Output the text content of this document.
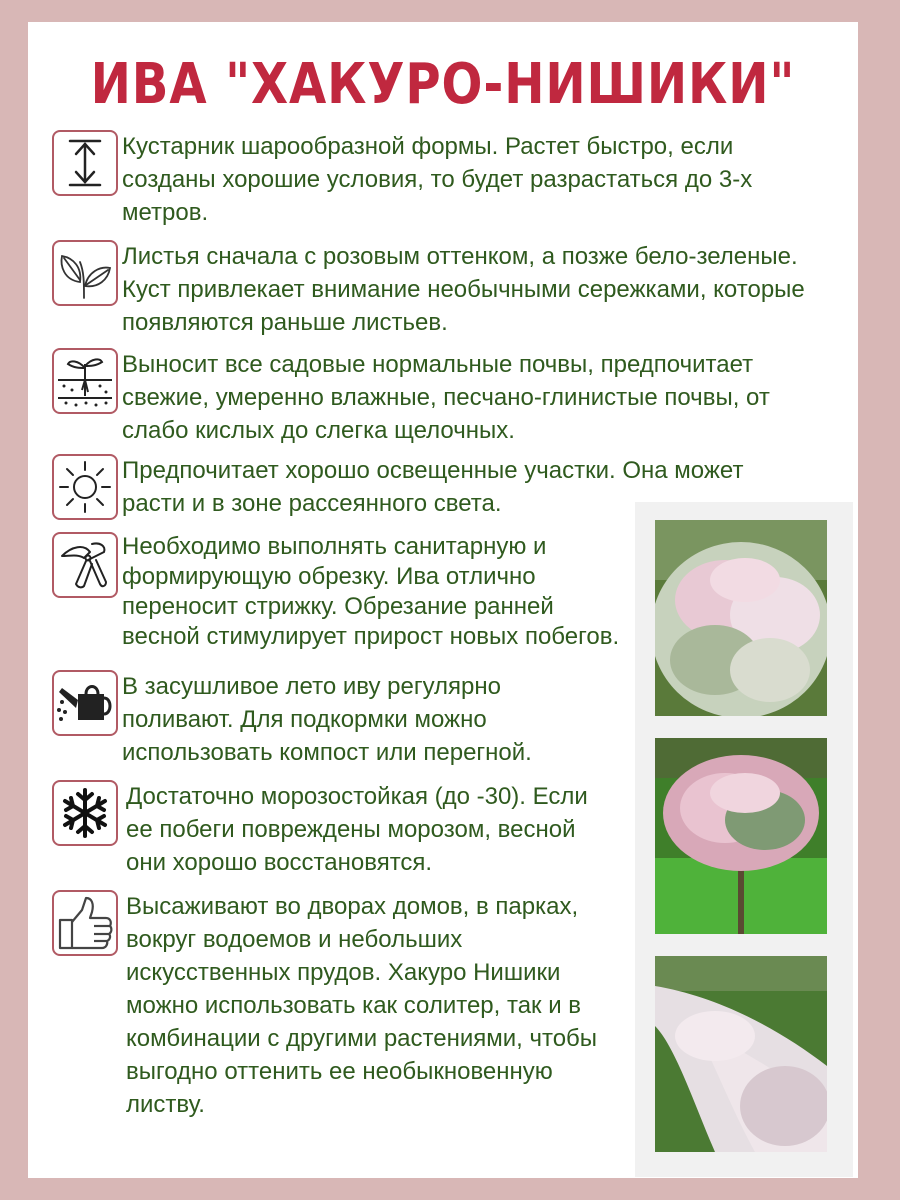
ИВА "ХАКУРО-НИШИКИ"

Кустарник шарообразной формы. Растет быстро, если
созданы хорошие условия, то будет разрастаться до 3-х
метров.

Листья сначала с розовым оттенком, а позже бело-зеленые.
Куст привлекает внимание необычными сережками, которые
появляются раньше листьев.

Выносит все садовые нормальные почвы, предпочитает
свежие, умеренно влажные, песчано-глинистые почвы, от
слабо кислых до слегка щелочных.

Предпочитает хорошо освещенные участки. Она может
расти и в зоне рассеянного света.

Необходимо выполнять санитарную и
формирующую обрезку. Ива отлично
переносит стрижку. Обрезание ранней
весной стимулирует прирост новых побегов.

В засушливое лето иву регулярно
поливают. Для подкормки можно
использовать компост или перегной.

Достаточно морозостойкая (до -30). Если
ее побеги повреждены морозом, весной
они хорошо восстановятся.

Высаживают во дворах домов, в парках,
вокруг водоемов и небольших
искусственных прудов. Хакуро Нишики
можно использовать как солитер, так и в
комбинации с другими растениями, чтобы
выгодно оттенить ее необыкновенную
листву.
